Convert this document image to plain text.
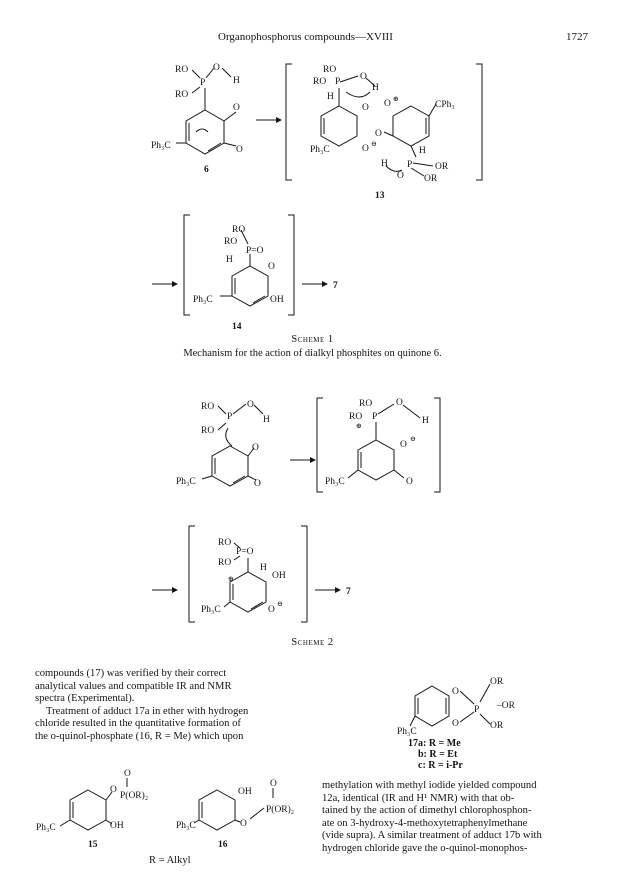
Organophosphorus compounds—XVIII	1727
RO	O
H
P
RO
O
O
Ph₃C
6
RO
RO P O
H
H
O
Ph₃C	O ⊖
O ⊕
CPh₃
O
H
H P OR
OR
O
13
RO
RO
P=O
H
O
OH
Ph₃C
14
7
RO
P
O
H
RO
O
O
Ph₃C
RO
RO P
O
H
O
⊖
O
Ph₃C
⊕
RO
P=O
RO	H
OH
O
⊖
Ph₃C
⊕
7
O
O
P
OR
–OR
OR
Ph₃C
O
O
P(OR)₂
OH
Ph₃C
15
OH
O
O
P(OR)₂
Ph₃C
16
Scheme 1
Mechanism for the action of dialkyl phosphites on quinone 6.
Scheme 2
17a: R = Me
b: R = Et
c: R = i-Pr
R = Alkyl

compounds (17) was verified by their correct

analytical values and compatible IR and NMR

spectra (Experimental).

Treatment of adduct 17a in ether with hydrogen

chloride resulted in the quantitative formation of

the o-quinol-phosphate (16, R = Me) which upon

methylation with methyl iodide yielded compound

12a, identical (IR and H¹ NMR) with that ob-

tained by the action of dimethyl chlorophosphon-

ate on 3-hydroxy-4-methoxytetraphenylmethane

(vide supra). A similar treatment of adduct 17b with

hydrogen chloride gave the o-quinol-monophos-
